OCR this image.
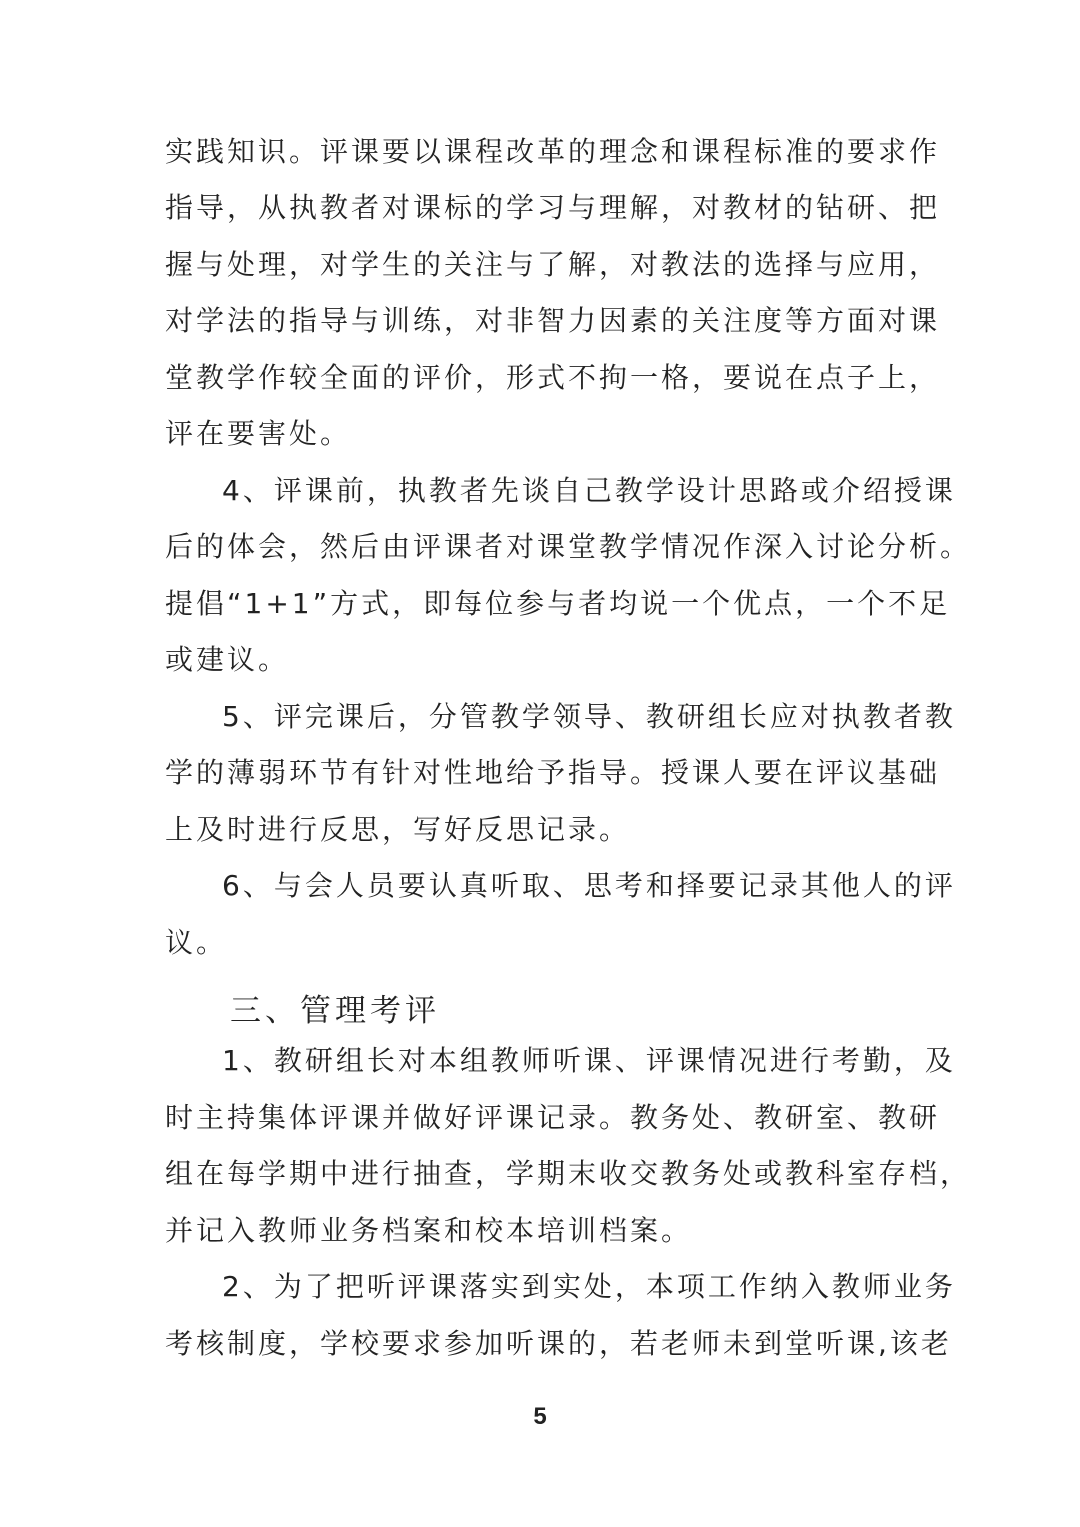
实践知识。评课要以课程改革的理念和课程标准的要求作
指导，从执教者对课标的学习与理解，对教材的钻研、把
握与处理，对学生的关注与了解，对教法的选择与应用，
对学法的指导与训练，对非智力因素的关注度等方面对课
堂教学作较全面的评价，形式不拘一格，要说在点子上，
评在要害处。
4、评课前，执教者先谈自己教学设计思路或介绍授课
后的体会，然后由评课者对课堂教学情况作深入讨论分析。
提倡“1+1”方式，即每位参与者均说一个优点，一个不足
或建议。
5、评完课后，分管教学领导、教研组长应对执教者教
学的薄弱环节有针对性地给予指导。授课人要在评议基础
上及时进行反思，写好反思记录。
6、与会人员要认真听取、思考和择要记录其他人的评
议。
三、管理考评
1、教研组长对本组教师听课、评课情况进行考勤，及
时主持集体评课并做好评课记录。教务处、教研室、教研
组在每学期中进行抽查，学期末收交教务处或教科室存档，
并记入教师业务档案和校本培训档案。
2、为了把听评课落实到实处，本项工作纳入教师业务
考核制度，学校要求参加听课的，若老师未到堂听课,该老
5
